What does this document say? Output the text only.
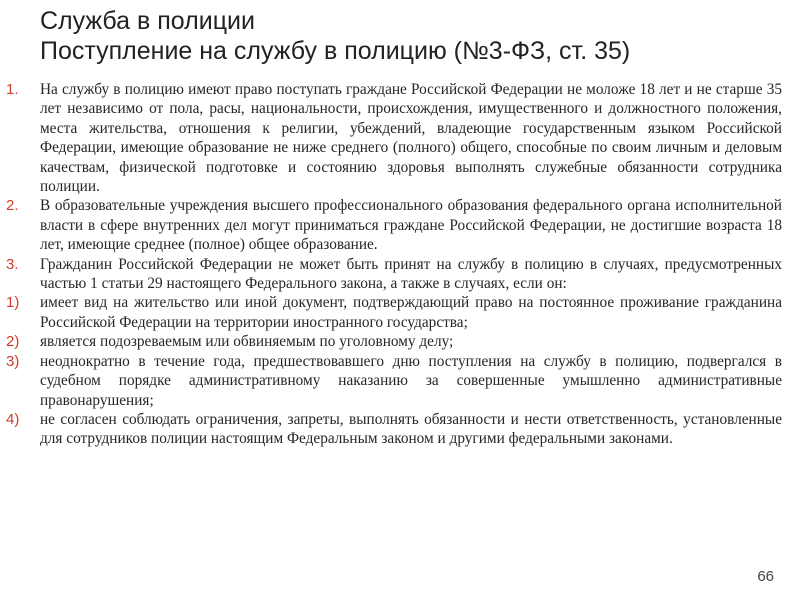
Служба в полиции
Поступление на службу в полицию (№3-ФЗ, ст. 35)
1. На службу в полицию имеют право поступать граждане Российской Федерации не моложе 18 лет и не старше 35 лет независимо от пола, расы, национальности, происхождения, имущественного и должностного положения, места жительства, отношения к религии, убеждений, владеющие государственным языком Российской Федерации, имеющие образование не ниже среднего (полного) общего, способные по своим личным и деловым качествам, физической подготовке и состоянию здоровья выполнять служебные обязанности сотрудника полиции.
2. В образовательные учреждения высшего профессионального образования федерального органа исполнительной власти в сфере внутренних дел могут приниматься граждане Российской Федерации, не достигшие возраста 18 лет, имеющие среднее (полное) общее образование.
3. Гражданин Российской Федерации не может быть принят на службу в полицию в случаях, предусмотренных частью 1 статьи 29 настоящего Федерального закона, а также в случаях, если он:
1) имеет вид на жительство или иной документ, подтверждающий право на постоянное проживание гражданина Российской Федерации на территории иностранного государства;
2) является подозреваемым или обвиняемым по уголовному делу;
3) неоднократно в течение года, предшествовавшего дню поступления на службу в полицию, подвергался в судебном порядке административному наказанию за совершенные умышленно административные правонарушения;
4) не согласен соблюдать ограничения, запреты, выполнять обязанности и нести ответственность, установленные для сотрудников полиции настоящим Федеральным законом и другими федеральными законами.
66
